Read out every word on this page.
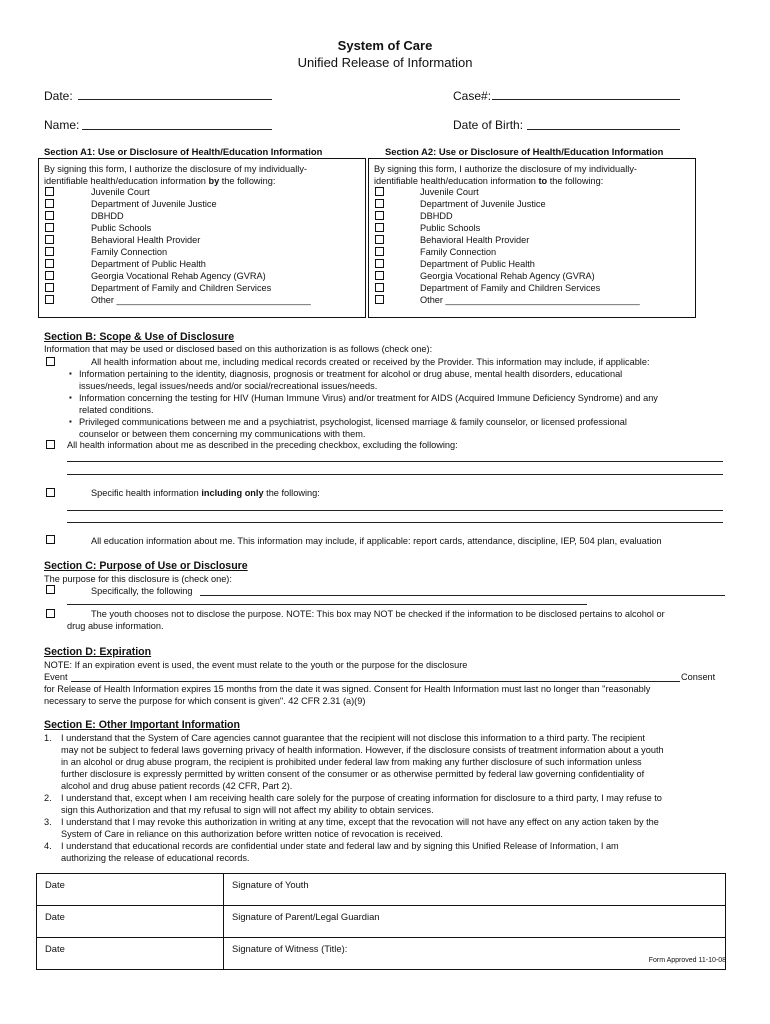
System of Care
Unified Release of Information
Date:	Case#:
Name:	Date of Birth:
Section A1: Use or Disclosure of Health/Education Information
By signing this form, I authorize the disclosure of my individually-
identifiable health/education information by the following:
Juvenile Court
Department of Juvenile Justice
DBHDD
Public Schools
Behavioral Health Provider
Family Connection
Department of Public Health
Georgia Vocational Rehab Agency (GVRA)
Department of Family and Children Services
Other ______________________________________
Section A2: Use or Disclosure of Health/Education Information
By signing this form, I authorize the disclosure of my individually-
identifiable health/education information to the following:
Juvenile Court
Department of Juvenile Justice
DBHDD
Public Schools
Behavioral Health Provider
Family Connection
Department of Public Health
Georgia Vocational Rehab Agency (GVRA)
Department of Family and Children Services
Other ______________________________________
Section B: Scope & Use of Disclosure
Information that may be used or disclosed based on this authorization is as follows (check one):
All health information about me, including medical records created or received by the Provider. This information may include, if applicable:
▪ Information pertaining to the identity, diagnosis, prognosis or treatment for alcohol or drug abuse, mental health disorders, educational
issues/needs, legal issues/needs and/or social/recreational issues/needs.
▪ Information concerning the testing for HIV (Human Immune Virus) and/or treatment for AIDS (Acquired Immune Deficiency Syndrome) and any
related conditions.
▪ Privileged communications between me and a psychiatrist, psychologist, licensed marriage & family counselor, or licensed professional
counselor or between them concerning my communications with them.
All health information about me as described in the preceding checkbox, excluding the following:
Specific health information including only the following:
All education information about me. This information may include, if applicable: report cards, attendance, discipline, IEP, 504 plan, evaluation
Section C: Purpose of Use or Disclosure
The purpose for this disclosure is (check one):
Specifically, the following
The youth chooses not to disclose the purpose. NOTE: This box may NOT be checked if the information to be disclosed pertains to alcohol or
drug abuse information.
Section D: Expiration
NOTE: If an expiration event is used, the event must relate to the youth or the purpose for the disclosure
Event	Consent
for Release of Health Information expires 15 months from the date it was signed. Consent for Health Information must last no longer than "reasonably
necessary to serve the purpose for which consent is given". 42 CFR 2.31 (a)(9)
Section E: Other Important Information
1. I understand that the System of Care agencies cannot guarantee that the recipient will not disclose this information to a third party. The recipient
may not be subject to federal laws governing privacy of health information. However, if the disclosure consists of treatment information about a youth
in an alcohol or drug abuse program, the recipient is prohibited under federal law from making any further disclosure of such information unless
further disclosure is expressly permitted by written consent of the consumer or as otherwise permitted by federal law governing confidentiality of
alcohol and drug abuse patient records (42 CFR, Part 2).
2. I understand that, except when I am receiving health care solely for the purpose of creating information for disclosure to a third party, I may refuse to
sign this Authorization and that my refusal to sign will not affect my ability to obtain services.
3. I understand that I may revoke this authorization in writing at any time, except that the revocation will not have any effect on any action taken by the
System of Care in reliance on this authorization before written notice of revocation is received.
4. I understand that educational records are confidential under state and federal law and by signing this Unified Release of Information, I am
authorizing the release of educational records.
Date	Signature of Youth
Date	Signature of Parent/Legal Guardian
Date	Signature of Witness (Title):
Form Approved 11-10-08
